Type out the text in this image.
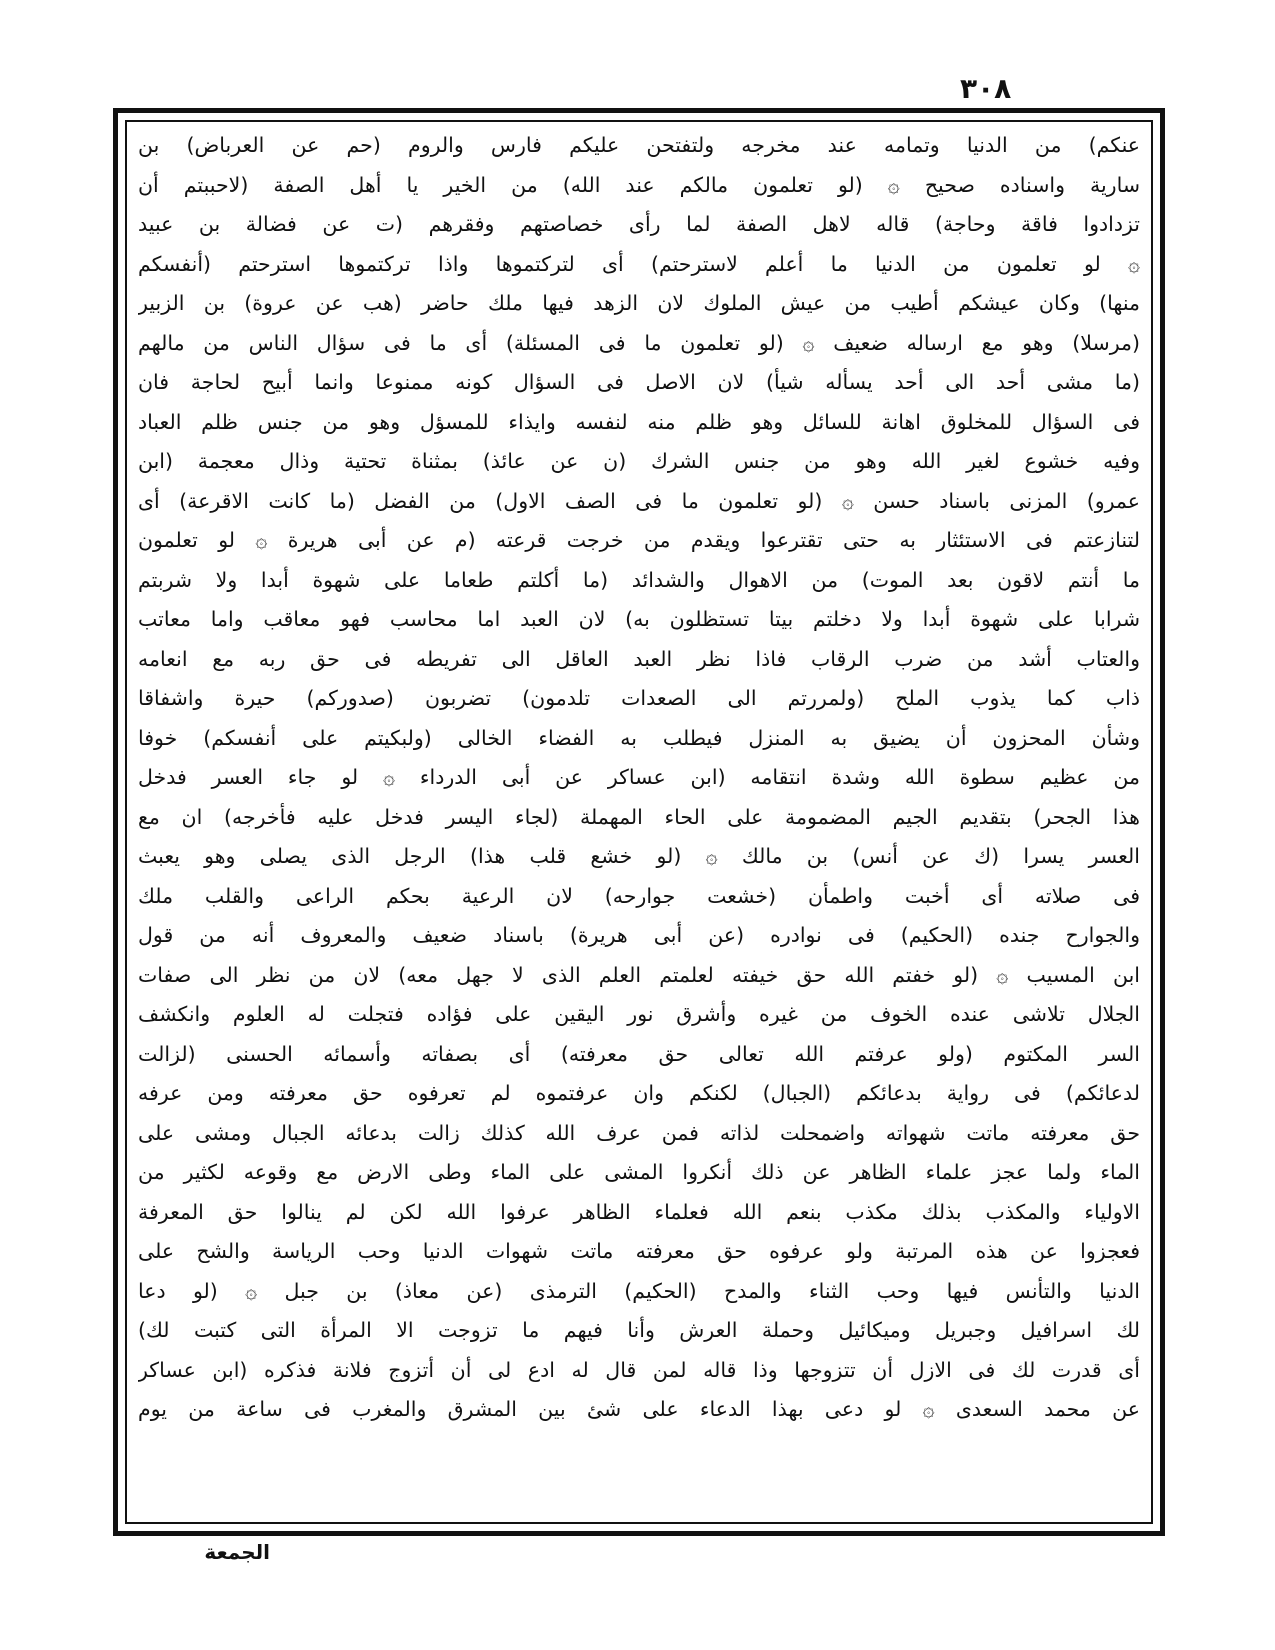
٣٠٨
عنكم) من الدنيا وتمامه عند مخرجه ولتفتحن عليكم فارس والروم (حم عن العرباض) بن
سارية واسناده صحيح ۞ (لو تعلمون مالكم عند الله) من الخير يا أهل الصفة (لاحببتم أن
تزدادوا فاقة وحاجة) قاله لاهل الصفة لما رأى خصاصتهم وفقرهم (ت عن فضالة بن عبيد
۞ لو تعلمون من الدنيا ما أعلم لاسترحتم) أى لتركتموها واذا تركتموها استرحتم (أنفسكم
منها) وكان عيشكم أطيب من عيش الملوك لان الزهد فيها ملك حاضر (هب عن عروة) بن الزبير
(مرسلا) وهو مع ارساله ضعيف ۞ (لو تعلمون ما فى المسئلة) أى ما فى سؤال الناس من مالهم
(ما مشى أحد الى أحد يسأله شيأ) لان الاصل فى السؤال كونه ممنوعا وانما أبيح لحاجة فان
فى السؤال للمخلوق اهانة للسائل وهو ظلم منه لنفسه وايذاء للمسؤل وهو من جنس ظلم العباد
وفيه خشوع لغير الله وهو من جنس الشرك (ن عن عائذ) بمثناة تحتية وذال معجمة (ابن
عمرو) المزنى باسناد حسن ۞ (لو تعلمون ما فى الصف الاول) من الفضل (ما كانت الاقرعة) أى
لتنازعتم فى الاستئثار به حتى تقترعوا ويقدم من خرجت قرعته (م عن أبى هريرة ۞ لو تعلمون
ما أنتم لاقون بعد الموت) من الاهوال والشدائد (ما أكلتم طعاما على شهوة أبدا ولا شربتم
شرابا على شهوة أبدا ولا دخلتم بيتا تستظلون به) لان العبد اما محاسب فهو معاقب واما معاتب
والعتاب أشد من ضرب الرقاب فاذا نظر العبد العاقل الى تفريطه فى حق ربه مع انعامه
ذاب كما يذوب الملح (ولمررتم الى الصعدات تلدمون) تضربون (صدوركم) حيرة واشفاقا
وشأن المحزون أن يضيق به المنزل فيطلب به الفضاء الخالى (ولبكيتم على أنفسكم) خوفا
من عظيم سطوة الله وشدة انتقامه (ابن عساكر عن أبى الدرداء ۞ لو جاء العسر فدخل
هذا الجحر) بتقديم الجيم المضمومة على الحاء المهملة (لجاء اليسر فدخل عليه فأخرجه) ان مع
العسر يسرا (ك عن أنس) بن مالك ۞ (لو خشع قلب هذا) الرجل الذى يصلى وهو يعبث
فى صلاته أى أخبت واطمأن (خشعت جوارحه) لان الرعية بحكم الراعى والقلب ملك
والجوارح جنده (الحكيم) فى نوادره (عن أبى هريرة) باسناد ضعيف والمعروف أنه من قول
ابن المسيب ۞ (لو خفتم الله حق خيفته لعلمتم العلم الذى لا جهل معه) لان من نظر الى صفات
الجلال تلاشى عنده الخوف من غيره وأشرق نور اليقين على فؤاده فتجلت له العلوم وانكشف
السر المكتوم (ولو عرفتم الله تعالى حق معرفته) أى بصفاته وأسمائه الحسنى (لزالت
لدعائكم) فى رواية بدعائكم (الجبال) لكنكم وان عرفتموه لم تعرفوه حق معرفته ومن عرفه
حق معرفته ماتت شهواته واضمحلت لذاته فمن عرف الله كذلك زالت بدعائه الجبال ومشى على
الماء ولما عجز علماء الظاهر عن ذلك أنكروا المشى على الماء وطى الارض مع وقوعه لكثير من
الاولياء والمكذب بذلك مكذب بنعم الله فعلماء الظاهر عرفوا الله لكن لم ينالوا حق المعرفة
فعجزوا عن هذه المرتبة ولو عرفوه حق معرفته ماتت شهوات الدنيا وحب الرياسة والشح على
الدنيا والتأنس فيها وحب الثناء والمدح (الحكيم) الترمذى (عن معاذ) بن جبل ۞ (لو دعا
لك اسرافيل وجبريل وميكائيل وحملة العرش وأنا فيهم ما تزوجت الا المرأة التى كتبت لك)
أى قدرت لك فى الازل أن تتزوجها وذا قاله لمن قال له ادع لى أن أتزوج فلانة فذكره (ابن عساكر
عن محمد السعدى ۞ لو دعى بهذا الدعاء على شئ بين المشرق والمغرب فى ساعة من يوم
الجمعة
